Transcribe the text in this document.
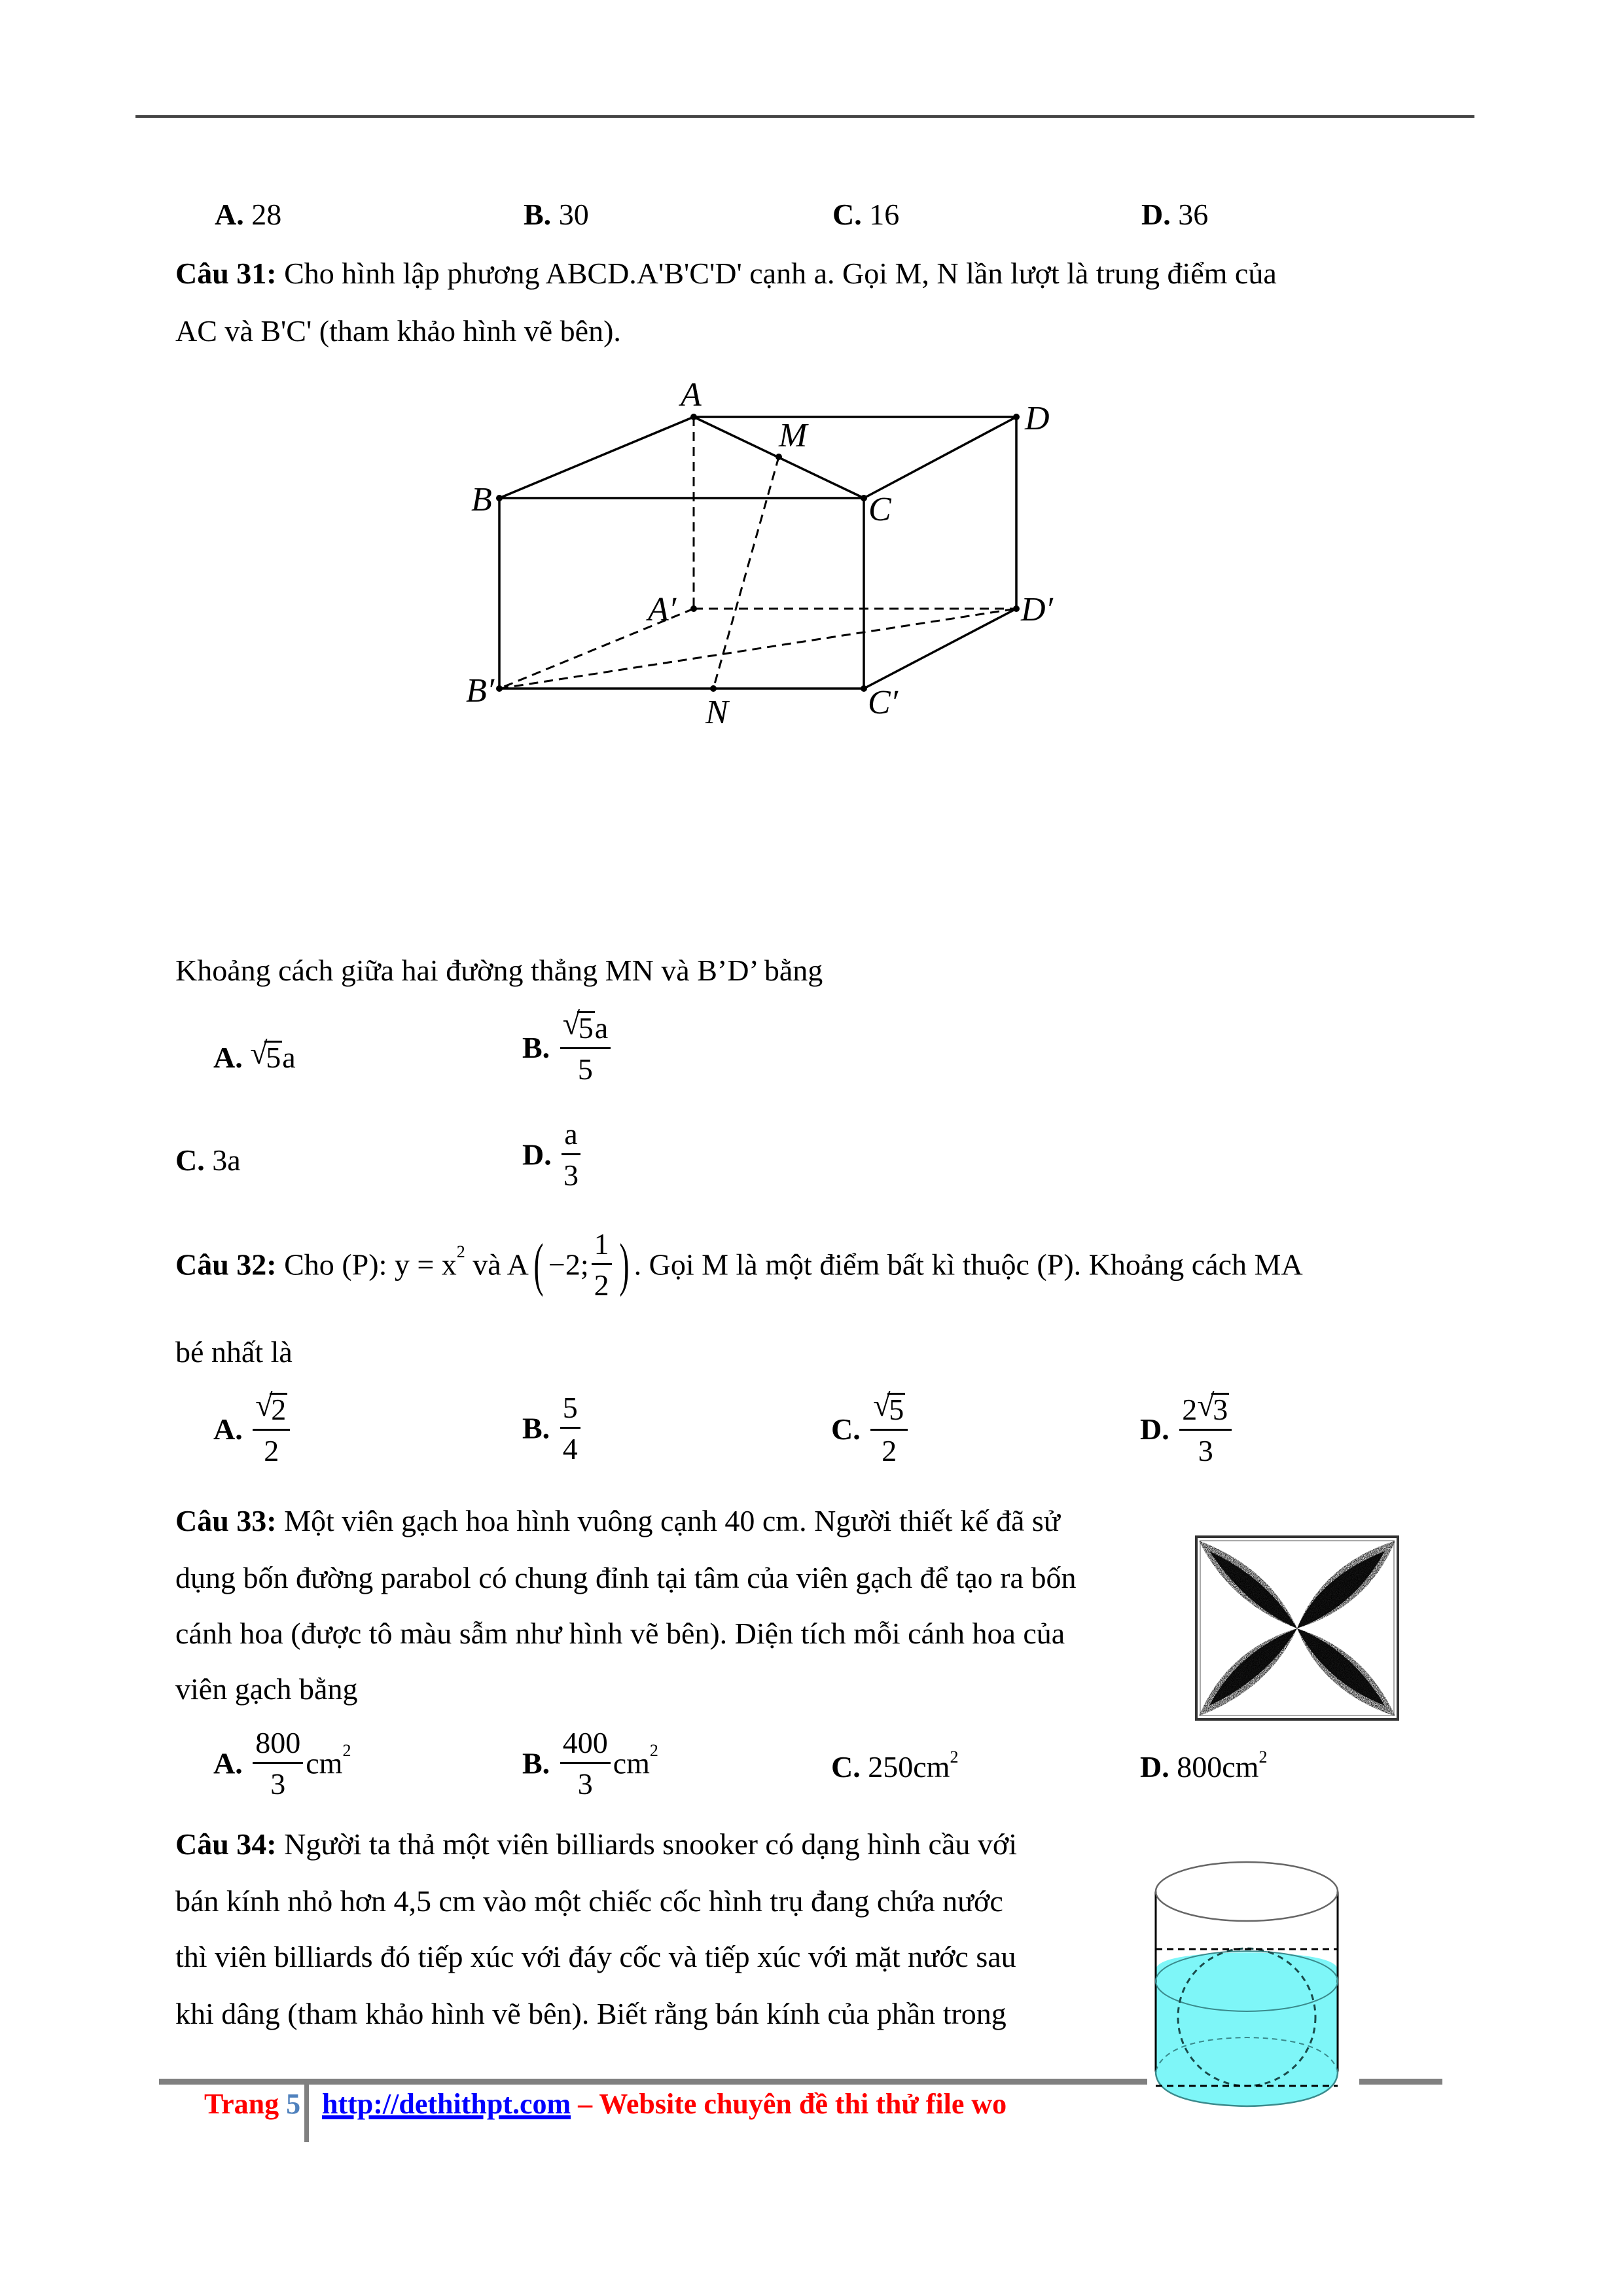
A. 28	B. 30	C. 16	D. 36
Câu 31: Cho hình lập phương ABCD.A'B'C'D' cạnh a. Gọi M, N lần lượt là trung điểm của
AC và B'C' (tham khảo hình vẽ bên).
A
D
M
B	C
A′	D′
B′	C′
N
Khoảng cách giữa hai đường thẳng MN và B’D’ bằng
A. √ 5a	B. √ $\frac{5a}{5}$
C. 3a	D. $\frac{a}{3}$
Câu 32: Cho (P): $y = x^2$ và A( −2; $\frac{1}{2}$ ) . Gọi M là một điểm bất kì thuộc (P). Khoảng cách MA
bé nhất là
A. √ $\frac{2}{2}$	B. $\frac{5}{4}$	C. √ $\frac{5}{2}$	D. $\frac{2 √ 3}{3}$
Câu 33: Một viên gạch hoa hình vuông cạnh 40 cm. Người thiết kế đã sử
dụng bốn đường parabol có chung đỉnh tại tâm của viên gạch để tạo ra bốn
cánh hoa (được tô màu sẫm như hình vẽ bên). Diện tích mỗi cánh hoa của
viên gạch bằng
A. $\frac{800}{3} cm^2$	B. $\frac{400}{3} cm^2$	C. $250cm^2$	D. $800cm^2$
Câu 34: Người ta thả một viên billiards snooker có dạng hình cầu với
bán kính nhỏ hơn 4,5 cm vào một chiếc cốc hình trụ đang chứa nước
thì viên billiards đó tiếp xúc với đáy cốc và tiếp xúc với mặt nước sau
khi dâng (tham khảo hình vẽ bên). Biết rằng bán kính của phần trong
Trang 5 http://dethithpt.com – Website chuyên đề thi thử file wo
